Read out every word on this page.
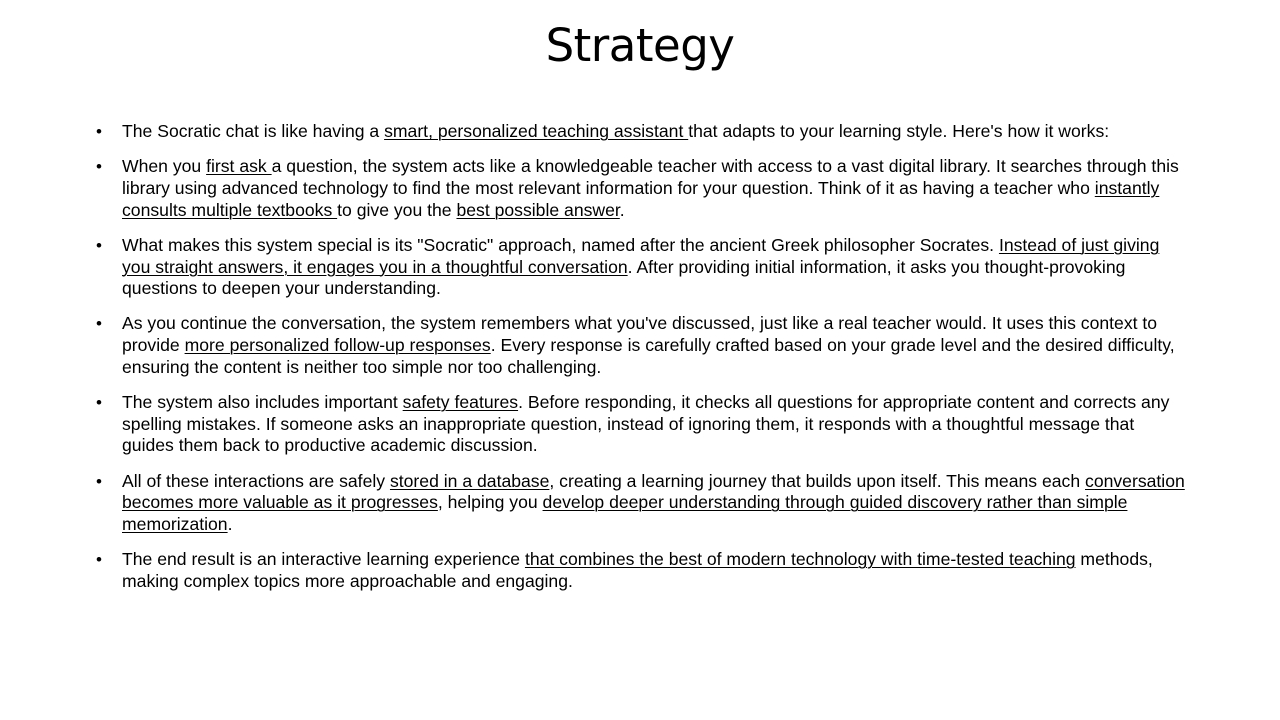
Strategy
• The Socratic chat is like having a smart, personalized teaching assistant that adapts to your learning style. Here's how it works:
• When you first ask a question, the system acts like a knowledgeable teacher with access to a vast digital library. It searches through this library using advanced technology to find the most relevant information for your question. Think of it as having a teacher who instantly consults multiple textbooks to give you the best possible answer.
• What makes this system special is its "Socratic" approach, named after the ancient Greek philosopher Socrates. Instead of just giving you straight answers, it engages you in a thoughtful conversation. After providing initial information, it asks you thought-provoking questions to deepen your understanding.
• As you continue the conversation, the system remembers what you've discussed, just like a real teacher would. It uses this context to provide more personalized follow-up responses. Every response is carefully crafted based on your grade level and the desired difficulty, ensuring the content is neither too simple nor too challenging.
• The system also includes important safety features. Before responding, it checks all questions for appropriate content and corrects any spelling mistakes. If someone asks an inappropriate question, instead of ignoring them, it responds with a thoughtful message that guides them back to productive academic discussion.
• All of these interactions are safely stored in a database, creating a learning journey that builds upon itself. This means each conversation becomes more valuable as it progresses, helping you develop deeper understanding through guided discovery rather than simple memorization.
• The end result is an interactive learning experience that combines the best of modern technology with time-tested teaching methods, making complex topics more approachable and engaging.
